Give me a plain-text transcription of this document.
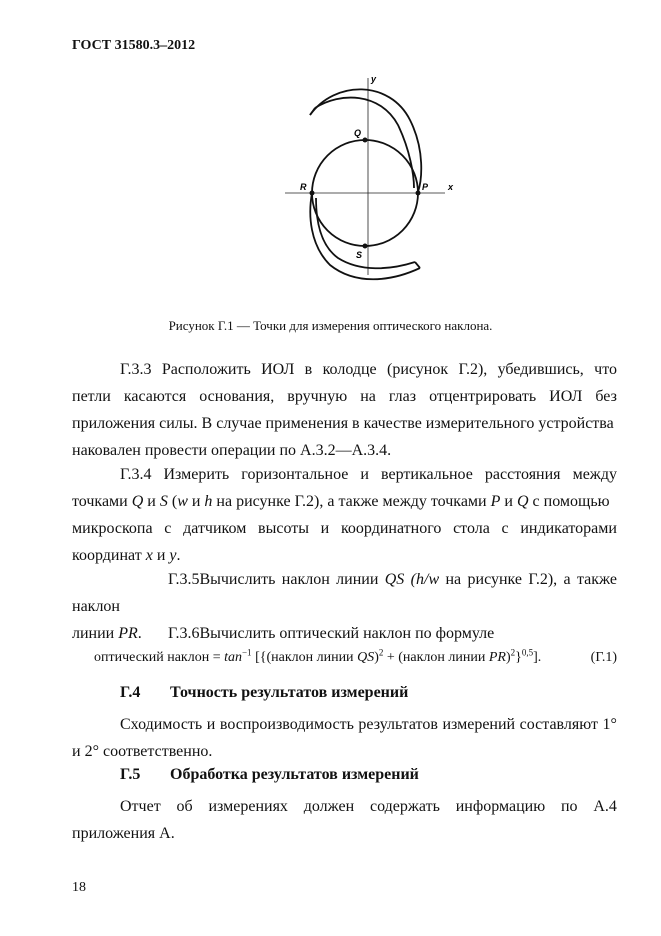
ГОСТ 31580.3–2012
y
x
Q
P
R
S
Рисунок Г.1 — Точки для измерения оптического наклона.
Г.3.3 Расположить ИОЛ в колодце (рисунок Г.2), убедившись, что
петли касаются основания, вручную на глаз отцентрировать ИОЛ без
приложения силы. В случае применения в качестве измерительного устройства
наковален провести операции по А.3.2—А.3.4.
Г.3.4 Измерить горизонтальное и вертикальное расстояния между
точками Q и S (w и h на рисунке Г.2), а также между точками P и Q с помощью
микроскопа с датчиком высоты и координатного стола с индикаторами
координат x и y.
Г.3.5Вычислить наклон линии QS (h/w на рисунке Г.2), а также наклон
линии PR.	Г.3.6Вычислить оптический наклон по формуле
оптический наклон = $\tan^{-1}$ [{(наклон линии QS)$^2$ + (наклон линии PR)$^2$}$^{0,5}$].	(Г.1)
Г.4 Точность результатов измерений
Сходимость и воспроизводимость результатов измерений составляют 1°
и 2° соответственно.
Г.5 Обработка результатов измерений
Отчет об измерениях должен содержать информацию по А.4
приложения А.
18
